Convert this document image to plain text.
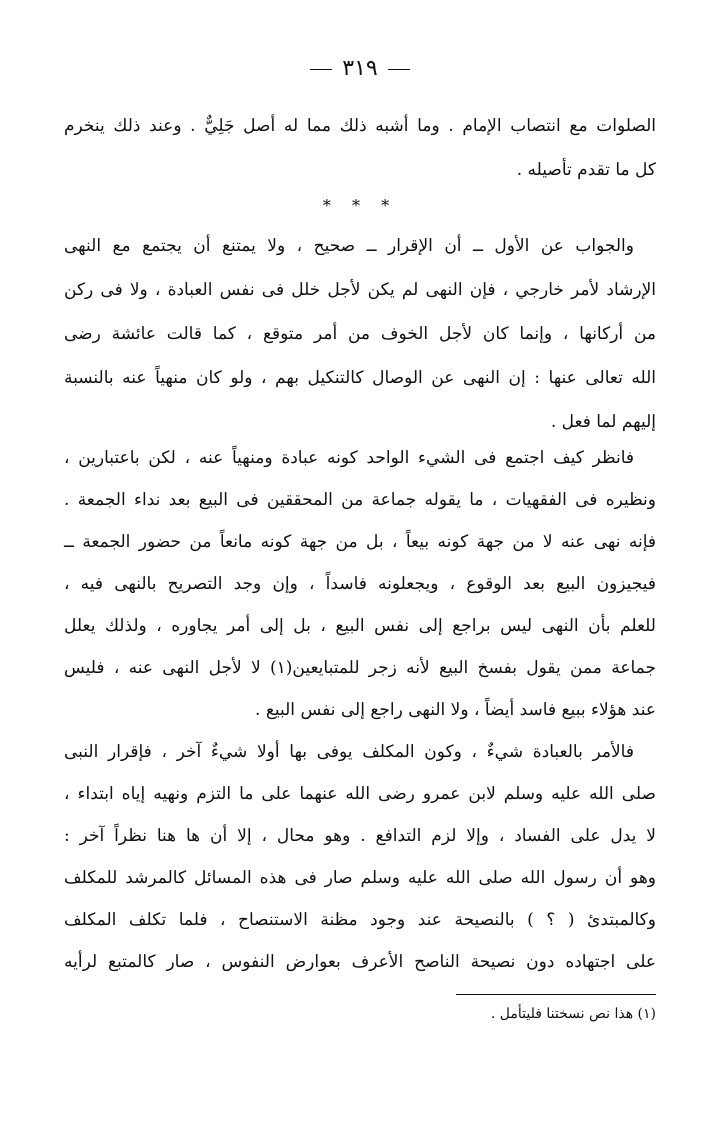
٣١٩
الصلوات مع انتصاب الإمام . وما أشبه ذلك مما له أصل جَلِيٌّ . وعند ذلك ينخرم
كل ما تقدم تأصيله .
* * *
والجواب عن الأول ــ أن الإقرار ــ صحيح ، ولا يمتنع أن يجتمع مع النهى
الإرشاد لأمر خارجي ، فإن النهى لم يكن لأجل خلل فى نفس العبادة ، ولا فى ركن
من أركانها ، وإنما كان لأجل الخوف من أمر متوقع ، كما قالت عائشة رضى
الله تعالى عنها : إن النهى عن الوصال كالتنكيل بهم ، ولو كان منهياً عنه بالنسبة
إليهم لما فعل .
فانظر كيف اجتمع فى الشيء الواحد كونه عبادة ومنهياً عنه ، لكن باعتبارين ،
ونظيره فى الفقهيات ، ما يقوله جماعة من المحققين فى البيع بعد نداء الجمعة .
فإنه نهى عنه لا من جهة كونه بيعاً ، بل من جهة كونه مانعاً من حضور الجمعة ــ
فيجيزون البيع بعد الوقوع ، ويجعلونه فاسداً ، وإن وجد التصريح بالنهى فيه ،
للعلم بأن النهى ليس براجع إلى نفس البيع ، بل إلى أمر يجاوره ، ولذلك يعلل
جماعة ممن يقول بفسخ البيع لأنه زجر للمتبايعين(١) لا لأجل النهى عنه ، فليس
عند هؤلاء ببيع فاسد أيضاً ، ولا النهى راجع إلى نفس البيع .
فالأمر بالعبادة شيءٌ ، وكون المكلف يوفى بها أولا شيءٌ آخر ، فإقرار النبى
صلى الله عليه وسلم لابن عمرو رضى الله عنهما على ما التزم ونهيه إياه ابتداء ،
لا يدل على الفساد ، وإلا لزم التدافع . وهو محال ، إلا أن ها هنا نظراً آخر :
وهو أن رسول الله صلى الله عليه وسلم صار فى هذه المسائل كالمرشد للمكلف
وكالمبتدئ ( ؟ ) بالنصيحة عند وجود مظنة الاستنصاح ، فلما تكلف المكلف
على اجتهاده دون نصيحة الناصح الأعرف بعوارض النفوس ، صار كالمتبع لرأيه
(١) هذا نص نسختنا فليتأمل .
